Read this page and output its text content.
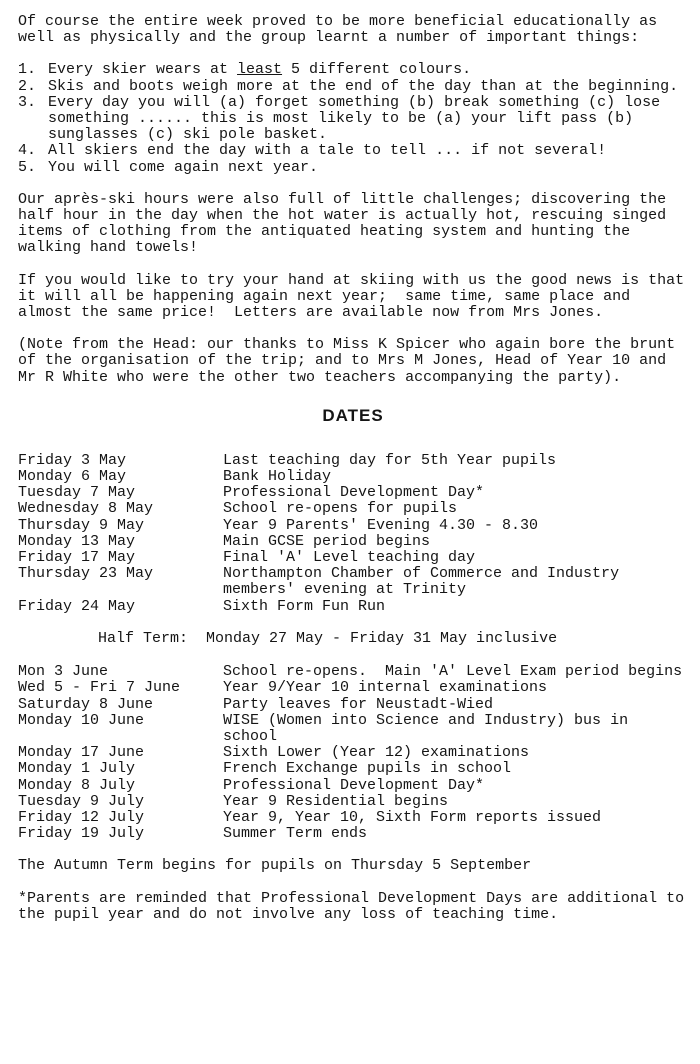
Of course the entire week proved to be more beneficial educationally as well as physically and the group learnt a number of important things:

1. Every skier wears at least 5 different colours.
2. Skis and boots weigh more at the end of the day than at the beginning.
3. Every day you will (a) forget something (b) break something (c) lose something ...... this is most likely to be (a) your lift pass (b) sunglasses (c) ski pole basket.
4. All skiers end the day with a tale to tell ... if not several!
5. You will come again next year.

Our après-ski hours were also full of little challenges; discovering the half hour in the day when the hot water is actually hot, rescuing singed items of clothing from the antiquated heating system and hunting the walking hand towels!

If you would like to try your hand at skiing with us the good news is that it will all be happening again next year;  same time, same place and almost the same price!  Letters are available now from Mrs Jones.

(Note from the Head: our thanks to Miss K Spicer who again bore the brunt of the organisation of the trip; and to Mrs M Jones, Head of Year 10 and Mr R White who were the other two teachers accompanying the party).

DATES
Friday 3 May	Last teaching day for 5th Year pupils
Monday 6 May	Bank Holiday
Tuesday 7 May	Professional Development Day*
Wednesday 8 May	School re-opens for pupils
Thursday 9 May	Year 9 Parents' Evening 4.30 - 8.30
Monday 13 May	Main GCSE period begins
Friday 17 May	Final 'A' Level teaching day
Thursday 23 May	Northampton Chamber of Commerce and Industry members' evening at Trinity
Friday 24 May	Sixth Form Fun Run
Half Term:  Monday 27 May - Friday 31 May inclusive
Mon 3 June	School re-opens.  Main 'A' Level Exam period begins
Wed 5 - Fri 7 June	Year 9/Year 10 internal examinations
Saturday 8 June	Party leaves for Neustadt-Wied
Monday 10 June	WISE (Women into Science and Industry) bus in school
Monday 17 June	Sixth Lower (Year 12) examinations
Monday 1 July	French Exchange pupils in school
Monday 8 July	Professional Development Day*
Tuesday 9 July	Year 9 Residential begins
Friday 12 July	Year 9, Year 10, Sixth Form reports issued
Friday 19 July	Summer Term ends

The Autumn Term begins for pupils on Thursday 5 September

*Parents are reminded that Professional Development Days are additional to the pupil year and do not involve any loss of teaching time.
